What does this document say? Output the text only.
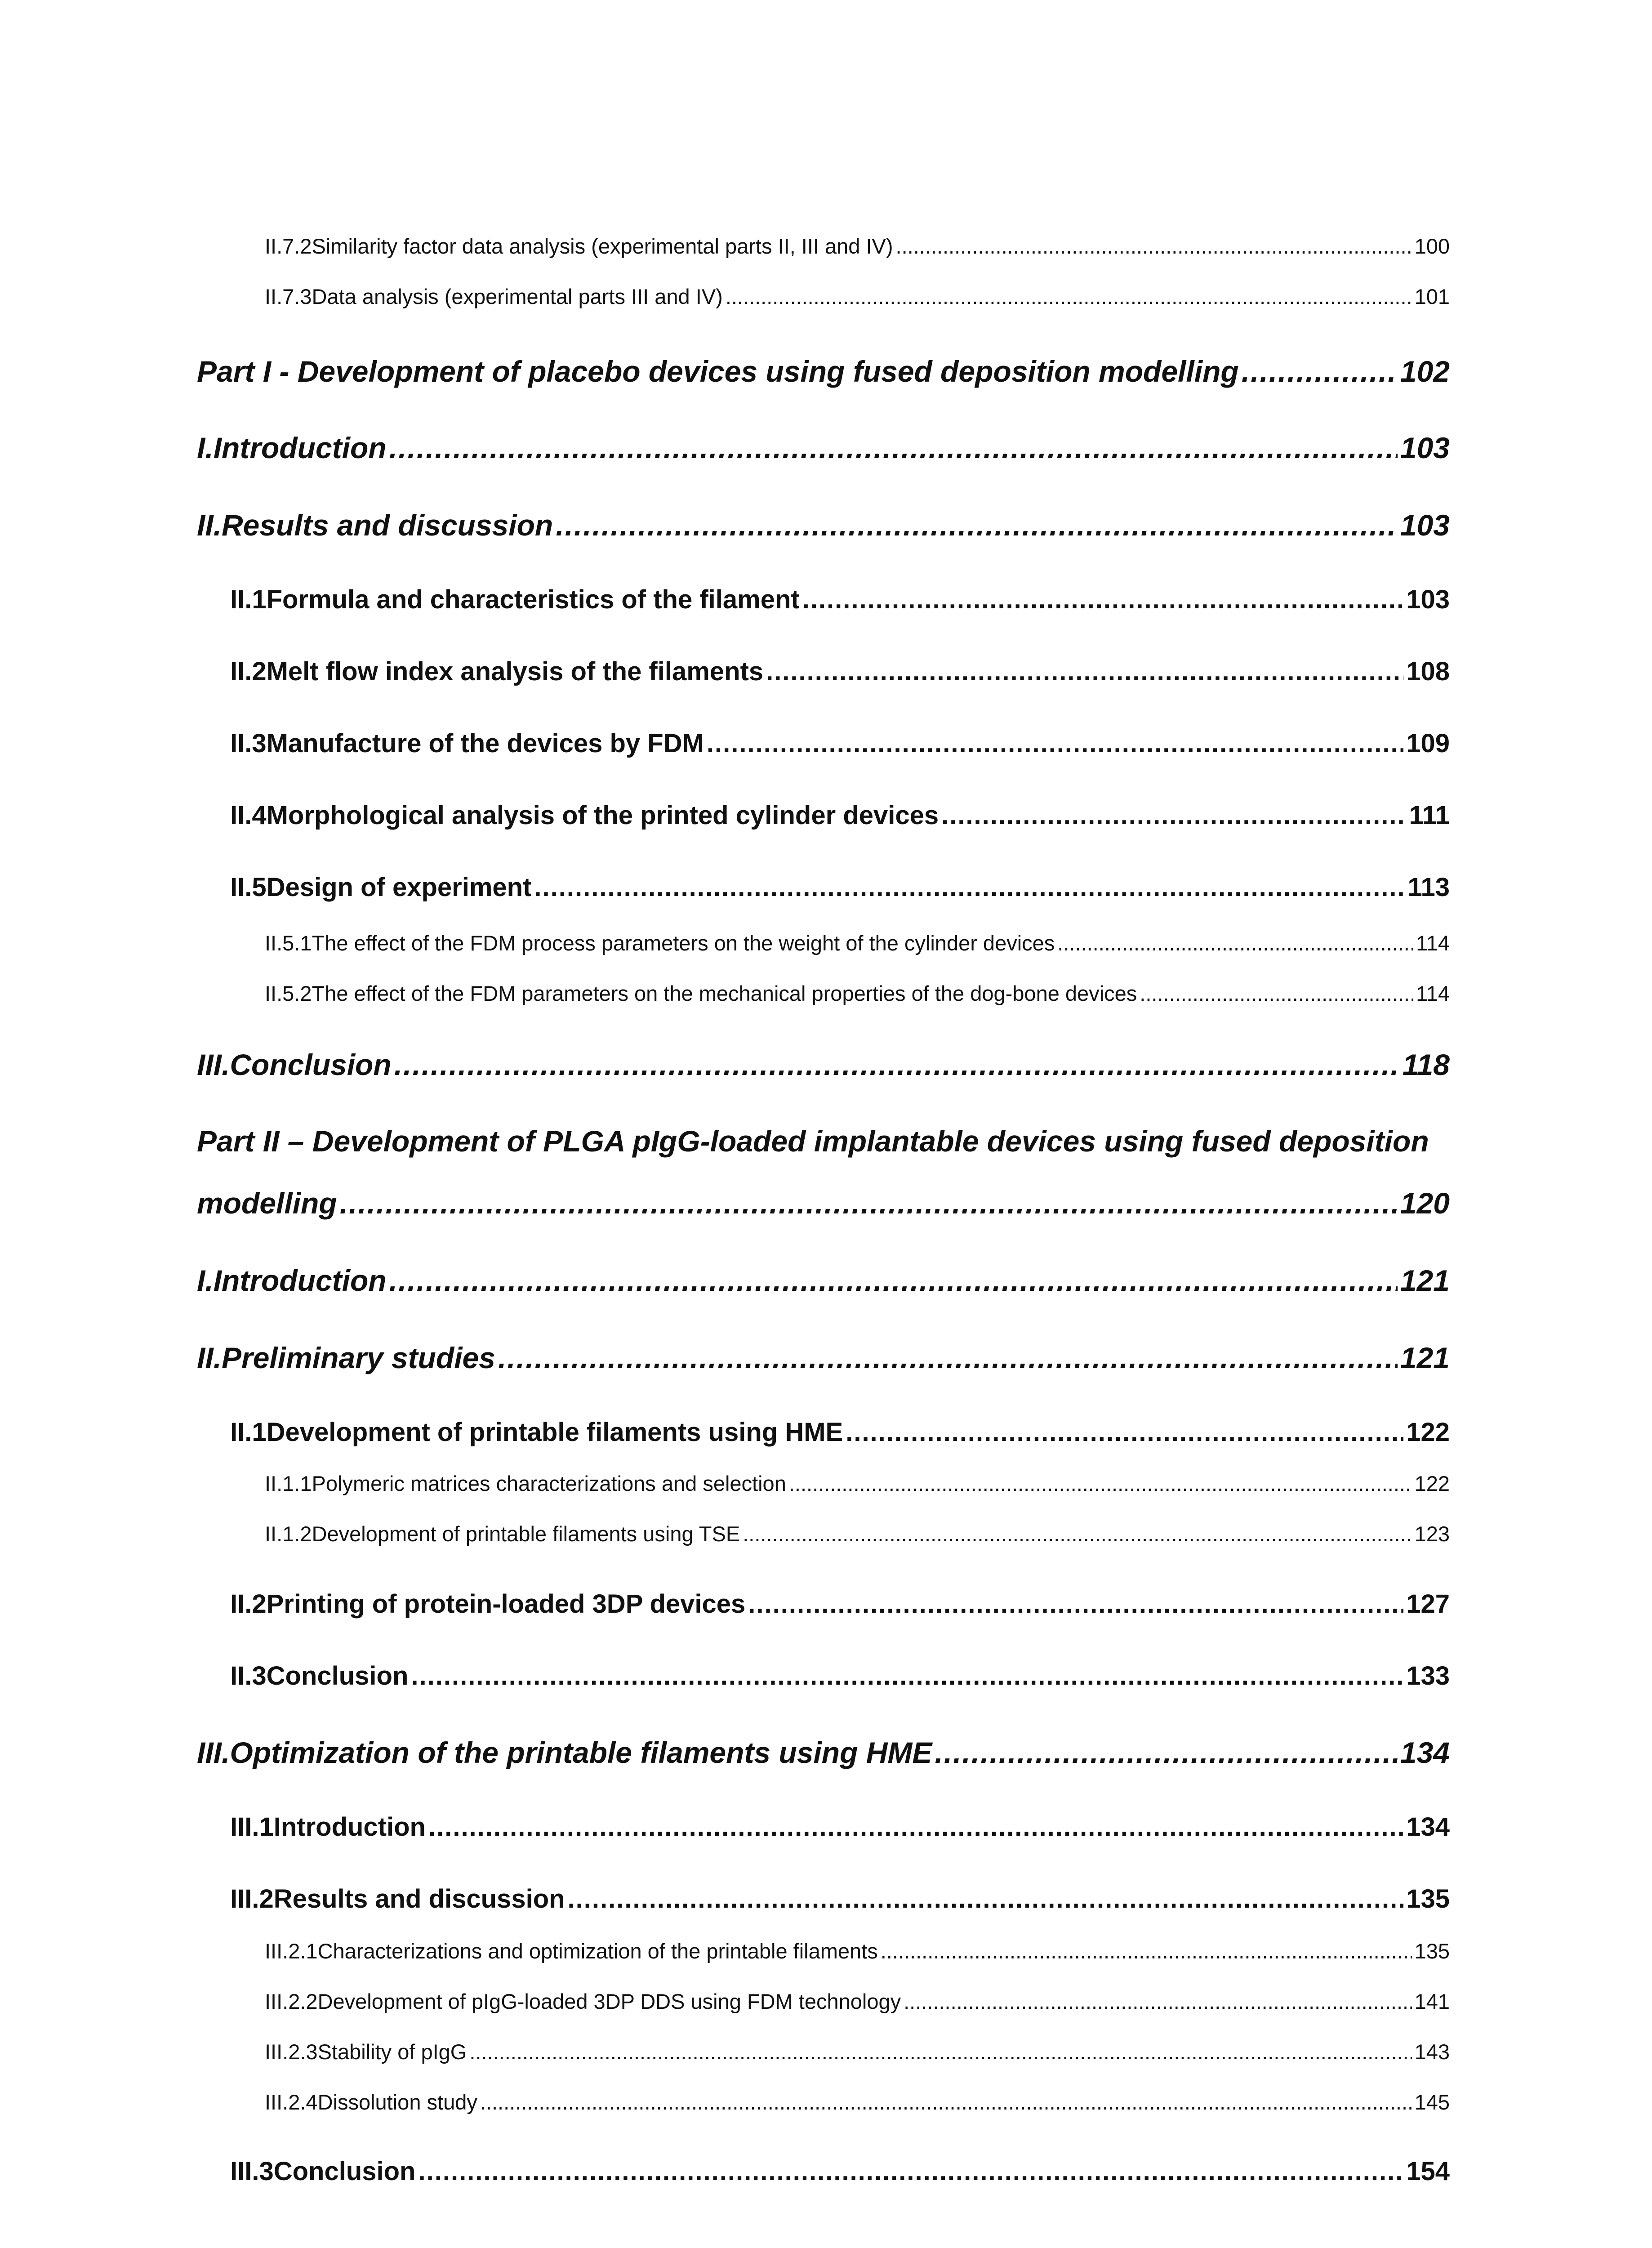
II.7.2 Similarity factor data analysis (experimental parts II, III and IV) .....	100
II.7.3 Data analysis (experimental parts III and IV) .....	101
Part I - Development of placebo devices using fused deposition modelling .....	102
I. Introduction .....	103
II. Results and discussion .....	103
II.1 Formula and characteristics of the filament .....	103
II.2 Melt flow index analysis of the filaments .....	108
II.3 Manufacture of the devices by FDM .....	109
II.4 Morphological analysis of the printed cylinder devices .....	111
II.5 Design of experiment .....	113
II.5.1 The effect of the FDM process parameters on the weight of the cylinder devices .....	114
II.5.2 The effect of the FDM parameters on the mechanical properties of the dog-bone devices .....	114
III. Conclusion .....	118
Part II – Development of PLGA pIgG-loaded implantable devices using fused deposition
modelling .....	120
I. Introduction .....	121
II. Preliminary studies .....	121
II.1 Development of printable filaments using HME .....	122
II.1.1 Polymeric matrices characterizations and selection .....	122
II.1.2 Development of printable filaments using TSE .....	123
II.2 Printing of protein-loaded 3DP devices .....	127
II.3 Conclusion .....	133
III. Optimization of the printable filaments using HME .....	134
III.1 Introduction .....	134
III.2 Results and discussion .....	135
III.2.1 Characterizations and optimization of the printable filaments .....	135
III.2.2 Development of pIgG-loaded 3DP DDS using FDM technology .....	141
III.2.3 Stability of pIgG .....	143
III.2.4 Dissolution study .....	145
III.3 Conclusion .....	154
